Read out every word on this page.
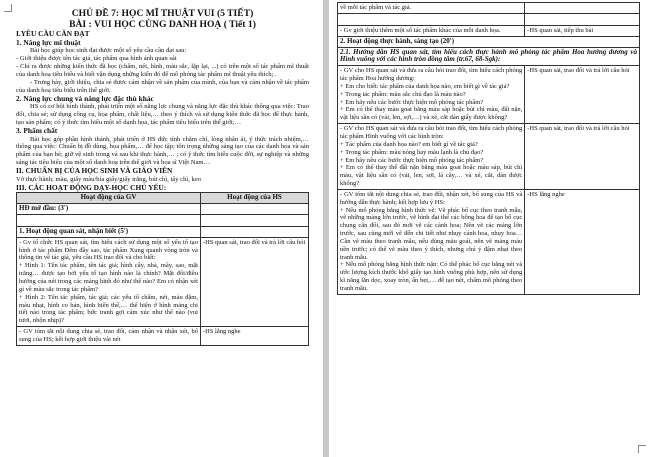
CHỦ ĐỀ 7: HỌC MĨ THUẬT VUI (5 TIẾT)
BÀI : VUI HỌC CÙNG DANH HOẠ ( Tiết 1)
I.YÊU CẦU CẦN ĐẠT
1. Năng lực mĩ thuật
Bài học giúp học sinh đạt được một số yêu cầu cần đạt sau:
- Giới thiệu được tên tác giả, tác phẩm qua hình ảnh quan sát
- Chỉ ra được những kiến thức đã học (chấm, nét, hình, màu sắc, lặp lại, ...) có trên một số tác phẩm mĩ thuật của danh hoạ tiêu biểu và biết vận dụng những kiến đó để mô phỏng tác phẩm mĩ thuật yêu thích; .
- Trưng bày, giới thiệu, chia sẻ được cảm nhận về sản phẩm của mình, của bạn và cảm nhận về tác phẩm của danh hoạ tiêu biểu trên thế giới.
2. Năng lực chung và năng lực đặc thù khác
HS có cơ hội hình thành, phát triển một số năng lực chung và năng lực đặc thù khác thông qua việc: Trao đổi, chia sẻ; sử dụng công cụ, họa phẩm, chất liệu,… theo ý thích và sử dụng kiến thức đã học để thực hành, tạo sản phẩm; có ý thức tìm hiểu một số danh họa, tác phẩm tiêu biểu trên thế giới;…
3. Phẩm chất
Bài học góp phần hình thành, phát triển ở HS đức tính chăm chỉ, lòng nhân ái, ý thức trách nhiệm,… thông qua việc: Chuẩn bị đồ dùng, họa phẩm,… để học tập; tôn trọng những sáng tạo của các danh họa và sản phẩm của bạn bè; giữ vệ sinh trong và sau khi thực hành,… ; có ý thức tìm hiểu cuộc đời, sự nghiệp và những sáng tác tiêu biểu của một số danh hoạ trên thế giới và họa sĩ Việt Nam…
II. CHUẨN BỊ CỦA HỌC SINH VÀ GIÁO VIÊN
Vở thực hành; màu, giấy màu/bìa giấy/giấy trắng, bút chì, tẩy chì, keo
III. CÁC HOẠT ĐỘNG DẠY-HỌC CHỦ YẾU:
Hoạt động của GV	Hoạt động của HS
HĐ mở đầu: (3')	

1. Hoạt động quan sát, nhận biết (5')	

- Gv tổ chức HS quan sát, tìm hiểu cách sử dụng một số yếu tố tạo hình ở tác phẩm Đêm đầy sao, tác phẩm Xung quanh vòng tròn và thông tin về tác giả, yêu cầu HS trao đổi và cho biết:
+ Hình 1: Tên tác phẩm, tên tác giả; hình cây, nhà, mây, sao, mặt trăng… được tạo bởi yếu tố tạo hình nào là chính? Mặt đối/điều hướng của nét trong các mảng hình đó như thế nào? Em có nhận xét gì về màu sắc trong tác phẩm?
+ Hình 2: Tên tác phẩm, tác giả; các yếu tố chấm, nét, màu đậm, màu nhạt, hình co bản, hình biến thể,… thể hiện ở hình mảng chi tiết nào trong tác phẩm; bức tranh gợi cảm xúc như thế nào (vui tươi, nhộn nhịp)?	-HS quan sát, trao đổi và trả lời câu hỏi
- GV tóm tắt nội dung chia sẻ, trao đổi, cảm nhận và nhận xét, bổ sung của HS; kết hợp giới thiệu vài nét	-HS lắng nghe
về mỗi tác phẩm và tác giả.	

- Gv giới thiệu thêm một số tác phẩm khác của mỗi danh họa.	-HS quan sát, tiếp thu bài
2. Hoạt động thực hành, sáng tạo (20')	
2.1. Hướng dẫn HS quan sát, tìm hiểu cách thực hành mô phỏng tác phẩm Hoa hướng dương và Hình vuông với các hình tròn đồng tâm (tr.67, 68-Sgk):	

- GV cho HS quan sát và đưa ra câu hỏi trao đổi, tìm hiểu cách phỏng tác phẩm Hoa hướng dương:
+ Em cho biết: tác phẩm của danh họa nào, em biết gì về tác giả?
+ Trong tác phẩm: màu sắc chủ đạo là màu nào?
+ Em hãy nêu các bước thực hiện mô phỏng tác phẩm?
+ Em có thể thay màu goat bằng màu sáp hoặc bút chì màu, đất nặn, vật liệu sẵn có (vải, len, sợi,…) và xé, cắt dán giấy được không?	-HS quan sát, trao đổi và trả lời câu hỏi

- GV cho HS quan sát và đưa ra câu hỏi trao đổi, tìm hiểu cách phỏng tác phẩm Hình vuông với các hình tròn:
+ Tác phẩm của danh họa nào? em biết gì về tác giả?
+ Trong tác phẩm: màu nóng hay màu lạnh là chủ đạo?
+ Em hãy nêu các bước thực hiện mô phỏng tác phẩm?
+ Em có thể thay thế đất nặn bằng màu goat hoặc màu sáp, bút chì màu, vật liệu sẵn có (vải, len, sợi, lá cây,… và xé, cắt, dán được không?	-HS quan sát, trao đổi và trả lời câu hỏi

- GV tóm tắt nội dung chia sẻ, trao đổi, nhận xét, bổ sung của HS và hướng dẫn thực hành; kết hợp lưu ý HS:
+ Nếu mô phỏng bằng hình thức vẽ: Vẽ phác bố cục theo tranh mẫu, vẽ những mảng lớn trước, vẽ hình đại thể các bông hoa để tạo bố cục chung cân đối, sau đó mới vẽ các cành hoa; Nên vẽ các mảng lớn trước, sau cùng mới vẽ đến chi tiết như nhụy cánh hoa, nhụy hoa… Cần vẽ màu theo tranh mẫu, nếu dùng màu goát, nên vẽ mảng màu nền trước; có thể vẽ màu theo ý thích, nhưng chú ý đậm nhạt theo tranh mẫu.
+ Nếu mô phỏng bằng hình thức nặn: Có thể phác bố cục bằng nét và ước lượng kích thước khổ giấy tạo hình vuông phù hợp, nên sử dụng kĩ năng lăn dọc, xoay tròn, ấn bẹt,… để tạo nét, chấm mô phỏng theo tranh mẫu.	-HS lắng nghe
